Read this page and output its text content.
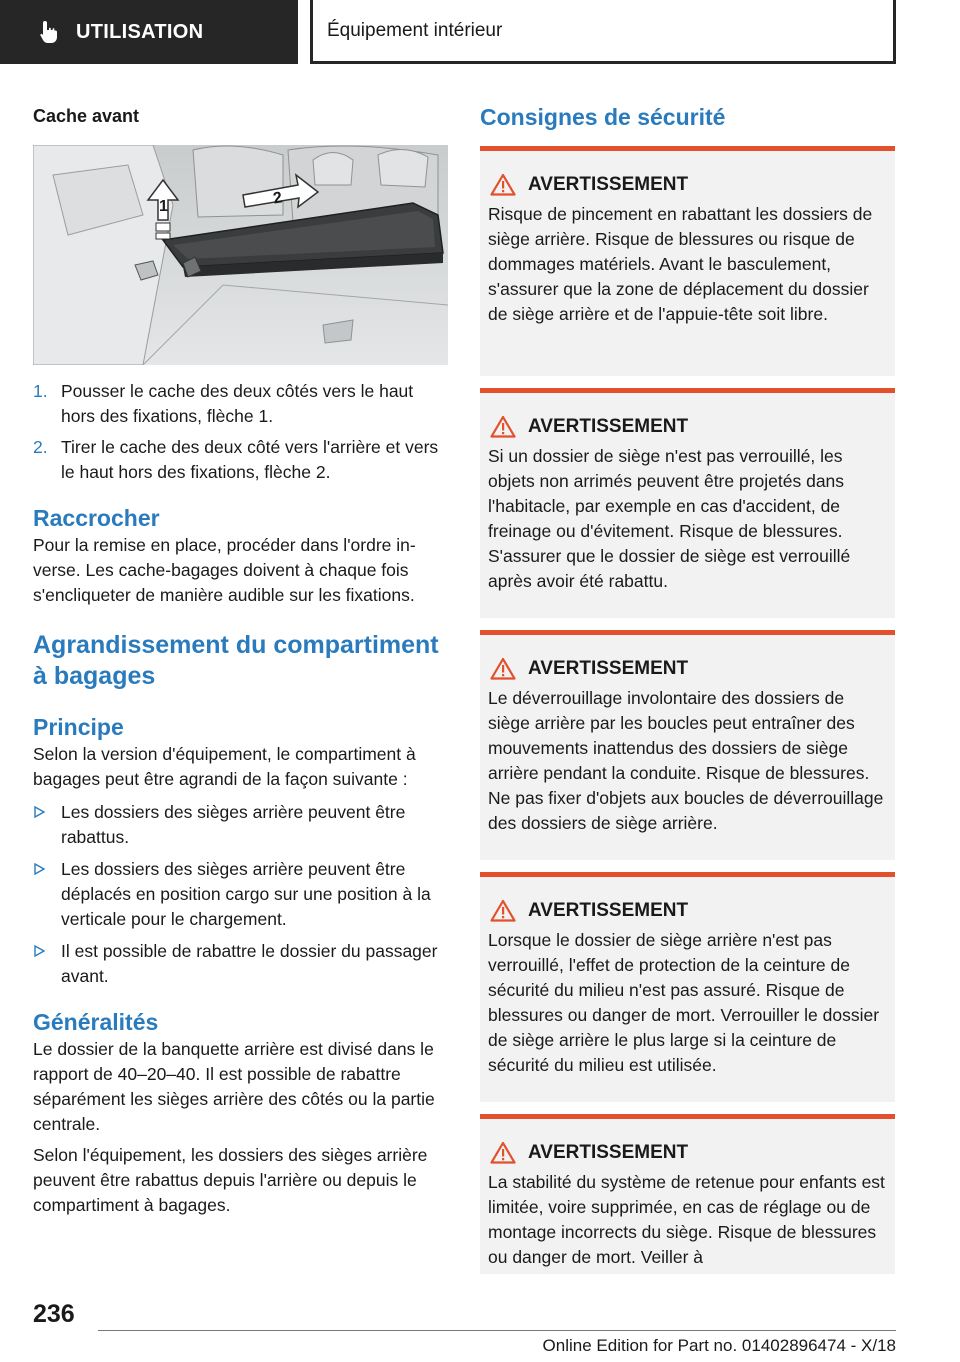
UTILISATION	Équipement intérieur
Cache avant
1	2
1. Pousser le cache des deux côtés vers le haut hors des fixations, flèche 1.
2. Tirer le cache des deux côté vers l'arrière et vers le haut hors des fixations, flèche 2.
Raccrocher

Pour la remise en place, procéder dans l'ordre inverse. Les cache-bagages doivent à chaque fois s'encliqueter de manière audible sur les fixations.

Agrandissement du compartiment à bagages
Principe

Selon la version d'équipement, le compartiment à bagages peut être agrandi de la façon suivante :

Les dossiers des sièges arrière peuvent être rabattus.
Les dossiers des sièges arrière peuvent être déplacés en position cargo sur une position à la verticale pour le chargement.
Il est possible de rabattre le dossier du passager avant.
Généralités

Le dossier de la banquette arrière est divisé dans le rapport de 40–20–40. Il est possible de rabattre séparément les sièges arrière des côtés ou la partie centrale.

Selon l'équipement, les dossiers des sièges arrière peuvent être rabattus depuis l'arrière ou depuis le compartiment à bagages.

Consignes de sécurité
AVERTISSEMENT

Risque de pincement en rabattant les dossiers de siège arrière. Risque de blessures ou risque de dommages matériels. Avant le basculement, s'assurer que la zone de déplacement du dossier de siège arrière et de l'appuie-tête soit libre.

AVERTISSEMENT

Si un dossier de siège n'est pas verrouillé, les objets non arrimés peuvent être projetés dans l'habitacle, par exemple en cas d'accident, de freinage ou d'évitement. Risque de blessures. S'assurer que le dossier de siège est verrouillé après avoir été rabattu.

AVERTISSEMENT

Le déverrouillage involontaire des dossiers de siège arrière par les boucles peut entraîner des mouvements inattendus des dossiers de siège arrière pendant la conduite. Risque de blessures. Ne pas fixer d'objets aux boucles de déverrouillage des dossiers de siège arrière.

AVERTISSEMENT

Lorsque le dossier de siège arrière n'est pas verrouillé, l'effet de protection de la ceinture de sécurité du milieu n'est pas assuré. Risque de blessures ou danger de mort. Verrouiller le dossier de siège arrière le plus large si la ceinture de sécurité du milieu est utilisée.

AVERTISSEMENT

La stabilité du système de retenue pour enfants est limitée, voire supprimée, en cas de réglage ou de montage incorrects du siège. Risque de blessures ou danger de mort. Veiller à

236
Online Edition for Part no. 01402896474 - X/18
